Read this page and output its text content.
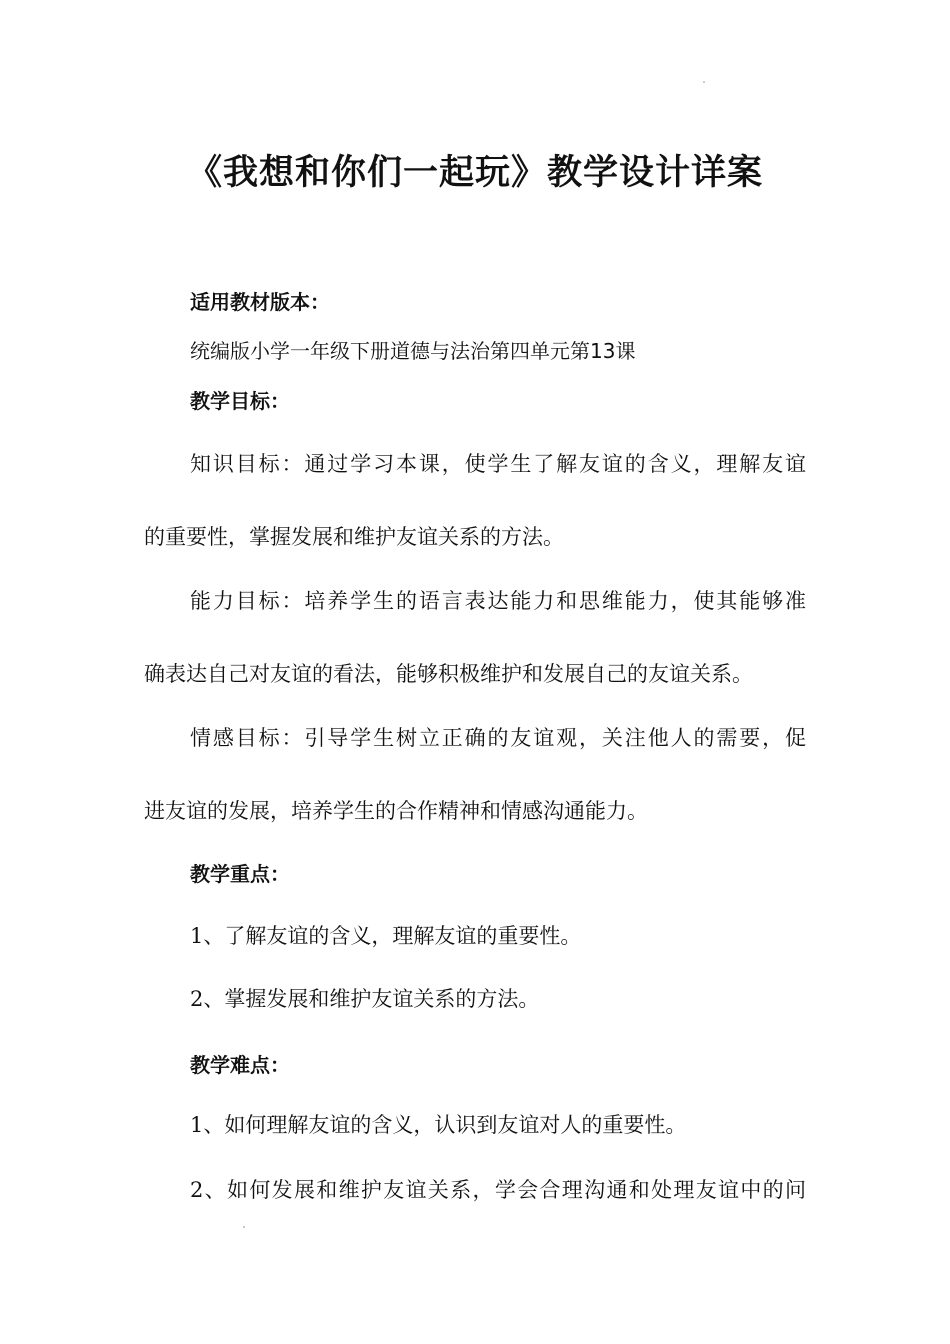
《我想和你们一起玩》教学设计详案
适用教材版本：
统编版小学一年级下册道德与法治第四单元第13课
教学目标：
知识目标：通过学习本课，使学生了解友谊的含义，理解友谊
的重要性，掌握发展和维护友谊关系的方法。
能力目标：培养学生的语言表达能力和思维能力，使其能够准
确表达自己对友谊的看法，能够积极维护和发展自己的友谊关系。
情感目标：引导学生树立正确的友谊观，关注他人的需要，促
进友谊的发展，培养学生的合作精神和情感沟通能力。
教学重点：
1、了解友谊的含义，理解友谊的重要性。
2、掌握发展和维护友谊关系的方法。
教学难点：
1、如何理解友谊的含义，认识到友谊对人的重要性。
2、如何发展和维护友谊关系，学会合理沟通和处理友谊中的问
